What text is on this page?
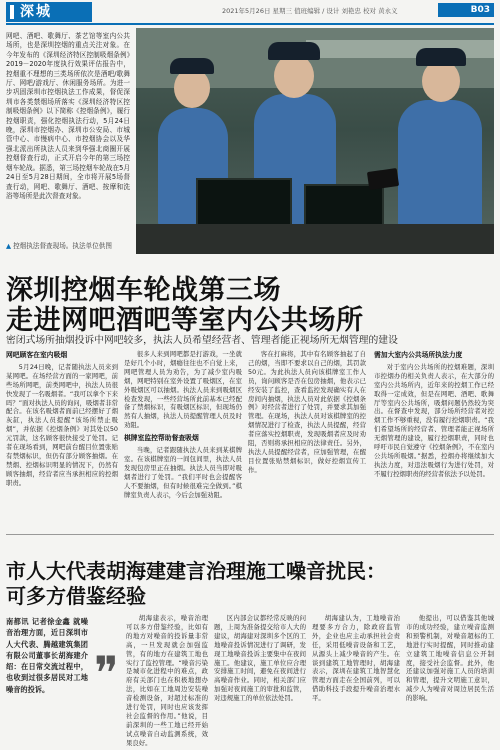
深城	2021年5月26日 星期三 值班编辑 / 设计 刘艳忠 校对 黄永义	B03
网吧、酒吧、歌舞厅、茶艺馆等室内公共场所，也是深圳控烟的重点关注对象。在今年发布的《深圳经济特区控制吸烟条例》2019－2020年度执行效果评估报告中，控烟重不理想的三类场所依次是酒吧/歌舞厅、网吧/游戏厅、休闲服务场所。为进一步巩固深圳市控烟执法工作成果，督促深圳市各类禁烟场所落实《深圳经济特区控制吸烟条例》以下简称《控烟条例》，履行控烟职责，强化控烟执法行动，5月24日晚，深圳市控烟办、深圳市公安局、市城管中心、市慢病中心、市控烟协会以及华强北派出所执法人员来到华强北商圈开展控烟督查行动，正式开启今年的第三场控烟车轮战。据悉，第三场控烟车轮战在5月24日至5月28日期间，全市将开展5场督查行动，网吧、歌舞厅、酒吧、按摩和洗浴等场所是此次督查对象。
▲ 控烟执法督查现场。执法单位供图
深圳控烟车轮战第三场
走进网吧酒吧等室内公共场所
密闭式场所抽烟投诉中网吧较多，执法人员希望经营者、管理者能正视场所无烟管理的建设
网吧顾客在室内吸烟

5月24日晚，记者随执法人员来到某网吧。在场经营方面的一家网吧，前些场所网吧，前类网吧中，执法人员很快发现了一名吸烟者。“我可以拿个下来吗？”面对执法人员的询问，吸烟者非常配合。在该名吸烟者面前已经摆好了烟灰缸，执法人员提醒“该场所禁止吸烟”，并依据《控烟条例》对其处以50元罚款，这名顾客很快接受了处罚。记者在现场看到，网吧前台醒目位置张贴有禁烟标识，但仍有部分顾客抽烟。在禁烟、控烟标识明显的情况下，仍然有顾客抽烟，经营者应当承担相应的控烟职责。

很多人来到网吧都是打游戏，一坐就是好几个小时，烟瘾往往也不自觉上来，网吧管理人员为劝告，为了减少室内吸烟，网吧特别在室外设置了吸烟区，在室外吸烟区可以抽烟。执法人员来到吸烟区检查发现，一些经营场所此前基本已经配备了禁烟标识，有吸烟区标识，但现场仍然有人抽烟，执法人员提醒管理人员及时劝阻。

棋牌室监控帮助督查吸烟

当晚，记者跟随执法人员来到某棋牌室。在该棋牌室的一间包间里，执法人员发现包房里正在抽烟。执法人员当即对吸烟者进行了处罚。“我们平时也会提醒客人不要抽烟，但有时候很难完全做到。”棋牌室负责人表示，今后会加强劝阻。

客在打麻将，其中有名顾客抽起了自己的烟，当即不要求以自己的烟，其罚款50元。为此执法人员向该棋牌室工作人员，询问顾客是否在包房抽烟，他表示已经安装了监控，查看监控发现确实有人在房间内抽烟，执法人员对此依据《控烟条例》对经营者进行了处罚，并要求其加强管理。在现场，执法人员对该棋牌室的控烟情况进行了检查，执法人员提醒，经营者应落实控烟职责，发现吸烟者应及时劝阻，否则将承担相应的法律责任。另外，执法人员提醒经营者，应加强管理，在醒目位置张贴禁烟标识，做好控烟宣传工作。

需加大室内公共场所执法力度

对于室内公共场所的控烟难题，深圳市控烟办的相关负责人表示，在大部分的室内公共场所内，近年来的控烟工作已经取得一定成效，但是在网吧、酒吧、歌舞厅等室内公共场所，吸烟问题仍然较为突出。在督查中发现，部分场所经营者对控烟工作不够重视，没有履行控烟职责。“我们希望场所的经营者、管理者能正视场所无烟管理的建设，履行控烟职责，同时也呼吁市民自觉遵守《控烟条例》，不在室内公共场所吸烟。”据悉，控烟办将继续加大执法力度，对违法吸烟行为进行处罚，对不履行控烟职责的经营者依法予以处罚。

市人大代表胡海建建言治理施工噪音扰民：
可多方借鉴经验
南都讯 记者徐金鑫 就噪音治理方面，近日深圳市人大代表、腾越建筑集团有限公司董事长胡海建介绍：在日常交流过程中，也收到过很多居民对工地噪音的投诉。 ❞

胡海建表示，噪音治理可以多方借鉴经验，比如有的地方对噪音的投诉量非常高，一旦发现就会加强监管，有的地方在建筑工地也实行了监控管理。“噪音污染是城市化进程中的难点，政府有关部门也在积极地想办法，比如在工地周边安装噪音检测设备，对超过标准的进行处罚，同时也应该发挥社会监督的作用。”他说，目前深圳的一些工地已经开始试点噪音自动监测系统，效果良好。

区内部会议都经常反映的问题，上周为准备提交给市人大的建议，胡海建对深圳多个区的工地噪音投诉情况进行了调研，发现工地噪音投诉主要集中在夜间施工。他建议，施工单位应合理安排施工时间，避免在夜间进行高噪音作业。同时，相关部门应加强对夜间施工的审批和监管，对违规施工的单位依法处罚。

胡海建认为，工地噪音治理要多方合力，除政府监管外，企业也应主动承担社会责任，采用低噪音设备和工艺，从源头上减少噪音的产生。在谈到建筑工地管理时，胡海建表示，深圳在建筑工地智慧化管理方面走在全国前列，可以借助科技手段提升噪音治理水平。

他提出，可以借鉴其他城市的成功经验，建立噪音监测和预警机制，对噪音超标的工地进行实时提醒，同时推动建立建筑工地噪音信息公开制度，接受社会监督。此外，他还建议加强对施工人员的培训和管理，提升文明施工意识，减少人为噪音对周边居民生活的影响。
